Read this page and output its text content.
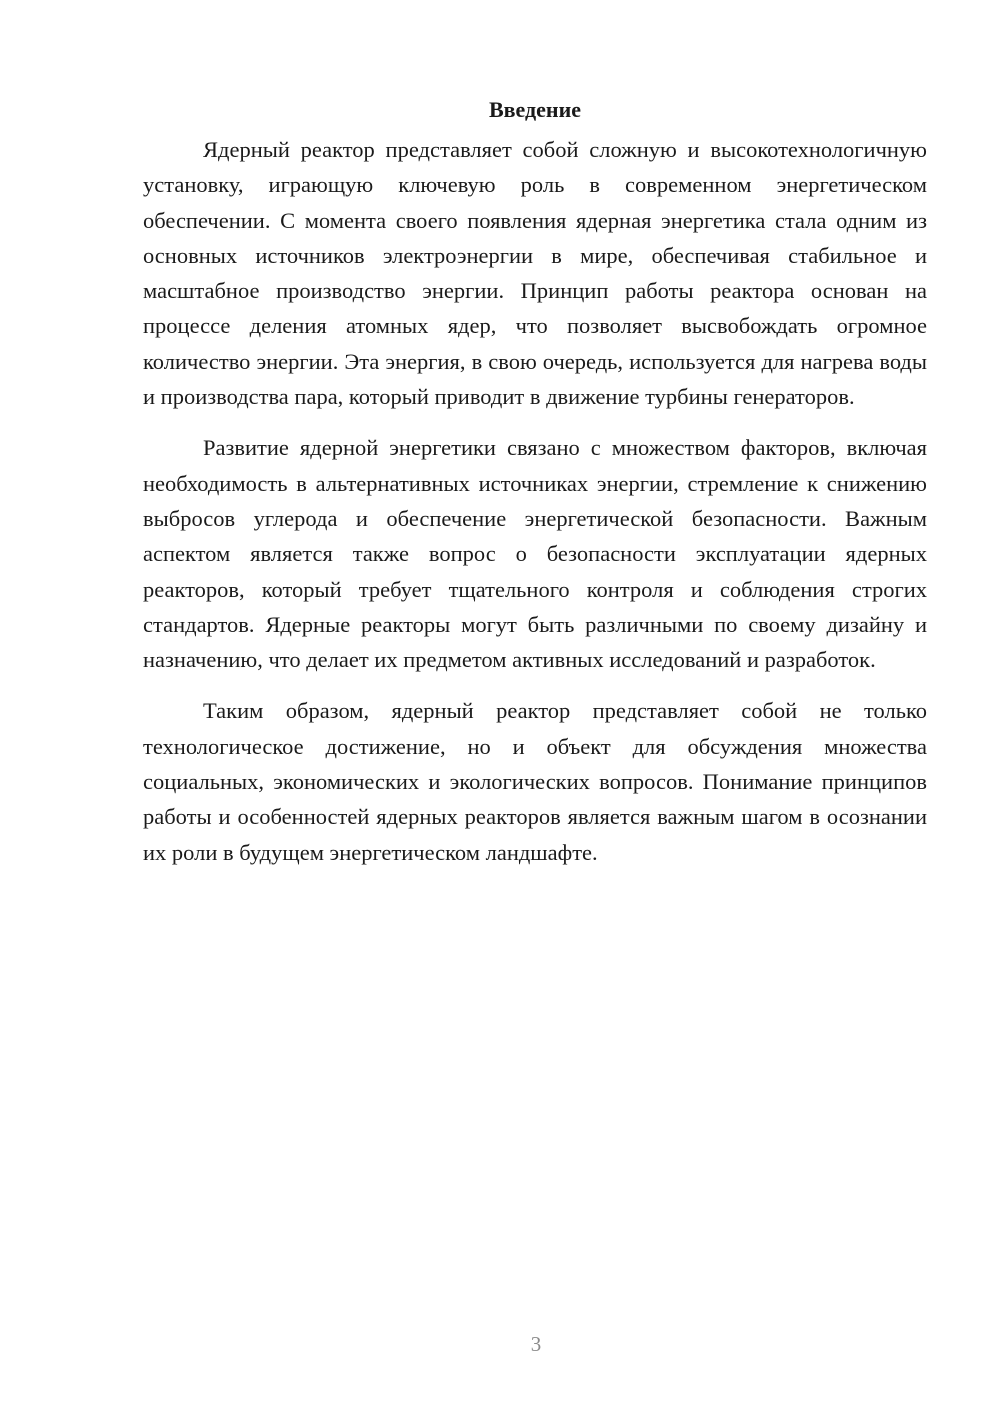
Введение

Ядерный реактор представляет собой сложную и высокотехнологичную установку, играющую ключевую роль в современном энергетическом обеспечении. С момента своего появления ядерная энергетика стала одним из основных источников электроэнергии в мире, обеспечивая стабильное и масштабное производство энергии. Принцип работы реактора основан на процессе деления атомных ядер, что позволяет высвобождать огромное количество энергии. Эта энергия, в свою очередь, используется для нагрева воды и производства пара, который приводит в движение турбины генераторов.

Развитие ядерной энергетики связано с множеством факторов, включая необходимость в альтернативных источниках энергии, стремление к снижению выбросов углерода и обеспечение энергетической безопасности. Важным аспектом является также вопрос о безопасности эксплуатации ядерных реакторов, который требует тщательного контроля и соблюдения строгих стандартов. Ядерные реакторы могут быть различными по своему дизайну и назначению, что делает их предметом активных исследований и разработок.

Таким образом, ядерный реактор представляет собой не только технологическое достижение, но и объект для обсуждения множества социальных, экономических и экологических вопросов. Понимание принципов работы и особенностей ядерных реакторов является важным шагом в осознании их роли в будущем энергетическом ландшафте.

3
